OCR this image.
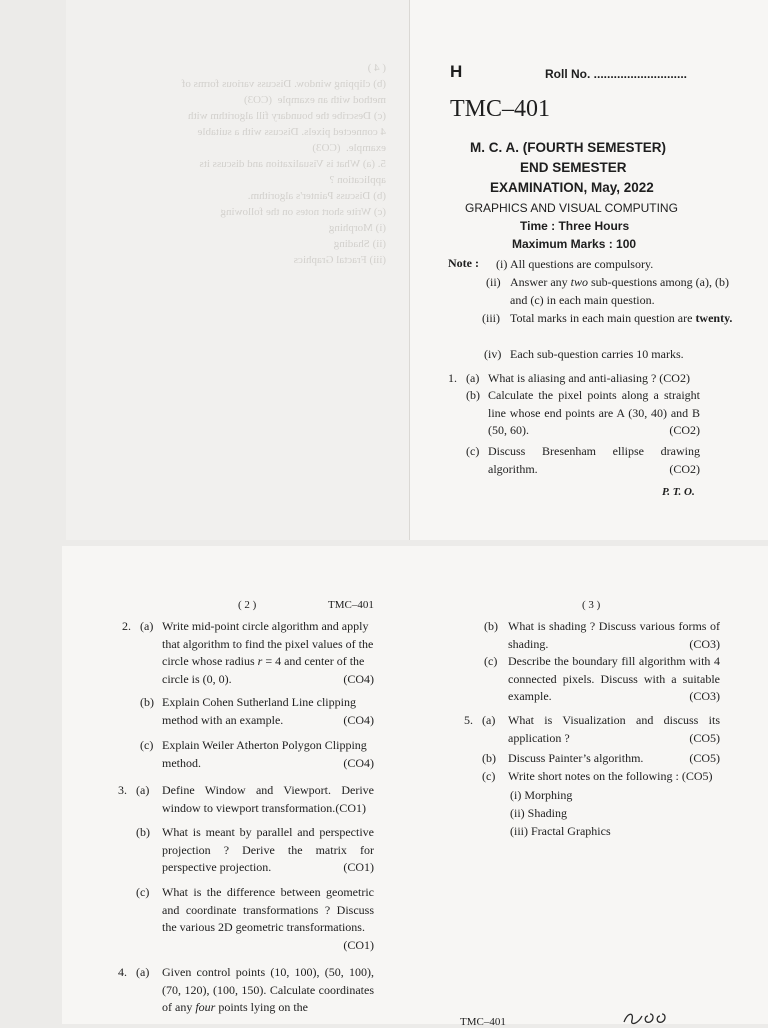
( 4 )
(b) clipping window. Discuss various forms of
method with an example  (CO3)
(c) Describe the boundary fill algorithm with
4 connected pixels. Discuss with a suitable
example.  (CO3)
5. (a) What is Visualization and discuss its
application ?
(b) Discuss Painter's algorithm.
(c) Write short notes on the following
(i) Morphing
(ii) Shading
(iii) Fractal Graphics
H	Roll No. ............................
TMC–401
M. C. A. (FOURTH SEMESTER)
END SEMESTER
EXAMINATION, May, 2022
GRAPHICS AND VISUAL COMPUTING
Time : Three Hours
Maximum Marks : 100
Note : (i) All questions are compulsory.
(ii) Answer any two sub-questions among (a), (b) and (c) in each main question.
(iii) Total marks in each main question are twenty.
(iv) Each sub-question carries 10 marks.
1. (a) What is aliasing and anti-aliasing ? (CO2)
(b) Calculate the pixel points along a straight line whose end points are A (30, 40) and B (50, 60).	(CO2)
(c) Discuss Bresenham ellipse drawing algorithm.	(CO2)
P. T. O.
( 2 )	TMC–401
2. (a) Write mid-point circle algorithm and apply that algorithm to find the pixel values of the circle whose radius r = 4 and center of the circle is (0, 0).	(CO4)
(b) Explain Cohen Sutherland Line clipping method with an example.	(CO4)
(c) Explain Weiler Atherton Polygon Clipping method.	(CO4)
3. (a) Define Window and Viewport. Derive window to viewport transformation.(CO1)
(b) What is meant by parallel and perspective projection ? Derive the matrix for perspective projection.	(CO1)
(c) What is the difference between geometric and coordinate transformations ? Discuss the various 2D geometric transformations.

(CO1)
4. (a) Given control points (10, 100), (50, 100), (70, 120), (100, 150). Calculate coordinates of any four points lying on the
( 3 )
(b) What is shading ? Discuss various forms of shading.	(CO3)
(c) Describe the boundary fill algorithm with 4 connected pixels. Discuss with a suitable example.	(CO3)
5. (a) What is Visualization and discuss its application ?	(CO5)
(b) Discuss Painter’s algorithm.	(CO5)
(c) Write short notes on the following : (CO5)
(i) Morphing
(ii) Shading
(iii) Fractal Graphics
TMC–401
